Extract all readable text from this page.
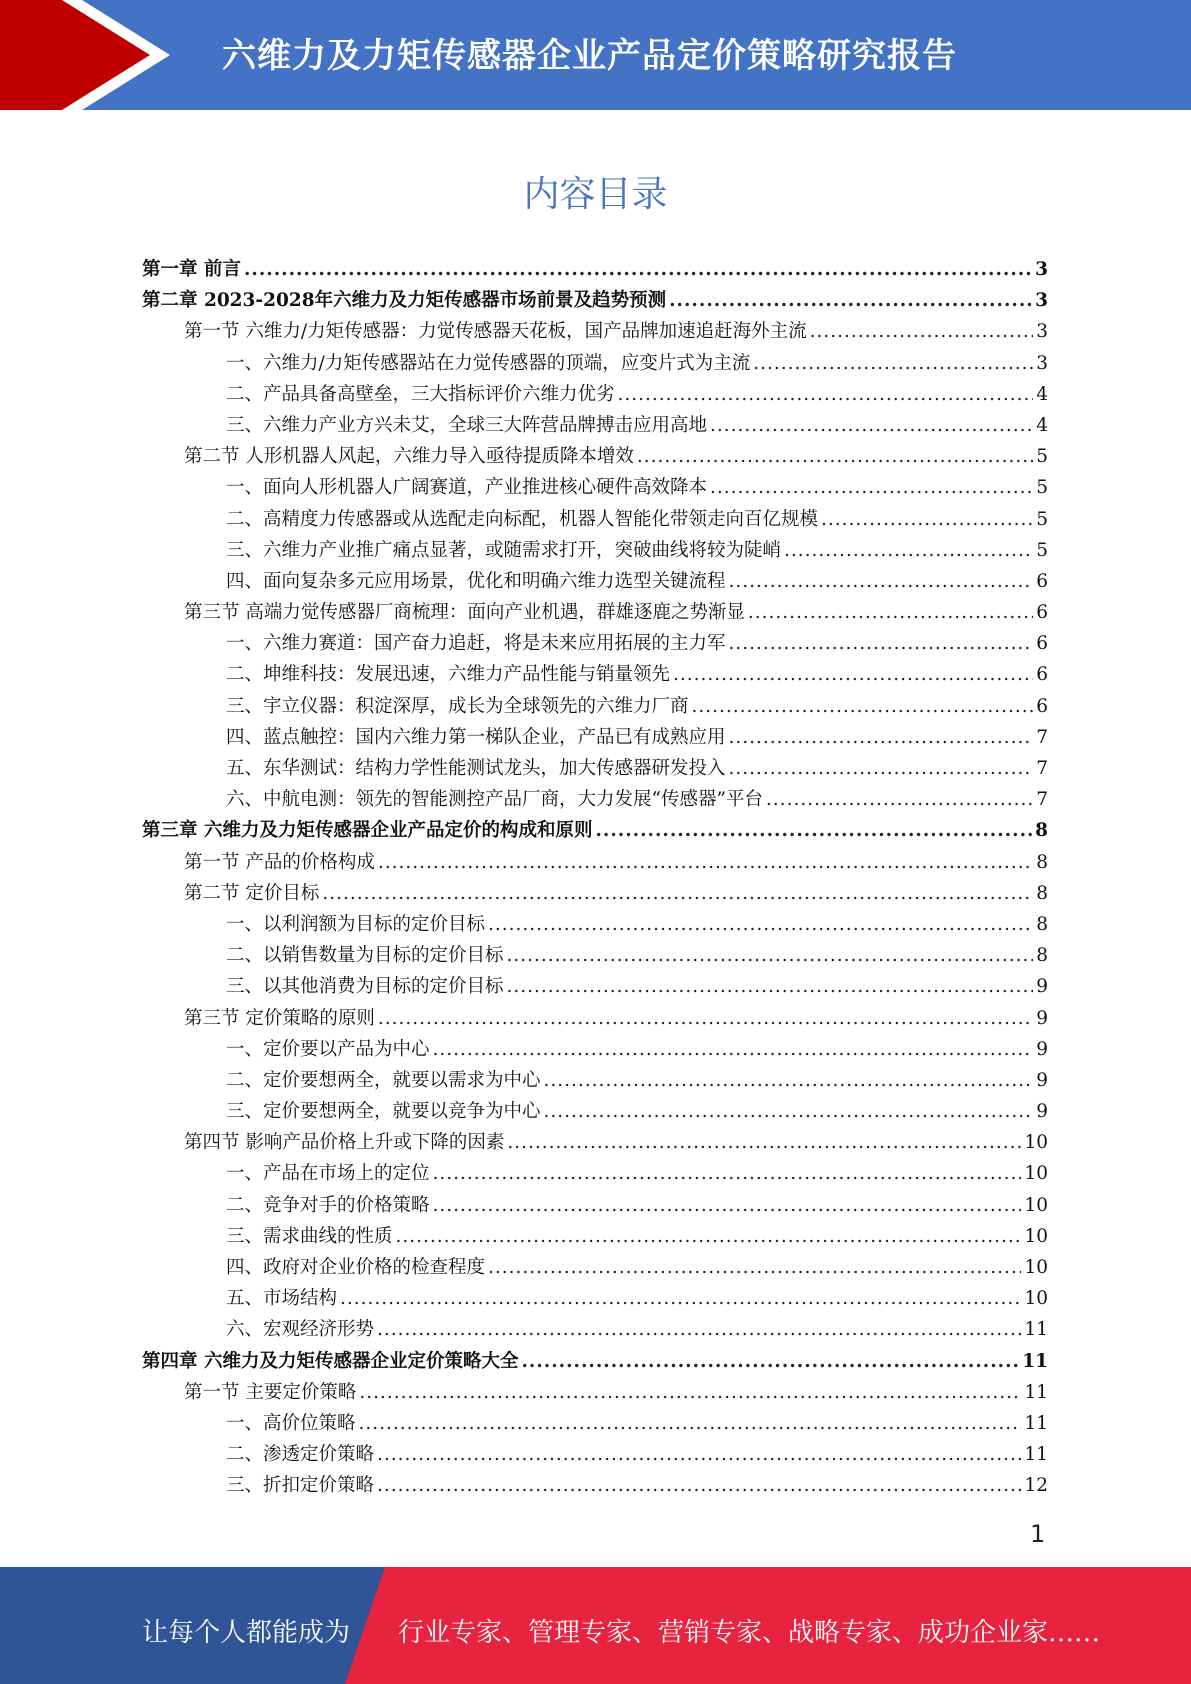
六维力及力矩传感器企业产品定价策略研究报告
内容目录
第一章 前言 .....	3
第二章 2023-2028年六维力及力矩传感器市场前景及趋势预测 .....	3
第一节 六维力/力矩传感器：力觉传感器天花板，国产品牌加速追赶海外主流 .....	3
一、六维力/力矩传感器站在力觉传感器的顶端，应变片式为主流 .....	3
二、产品具备高壁垒，三大指标评价六维力优劣 .....	4
三、六维力产业方兴未艾，全球三大阵营品牌搏击应用高地 .....	4
第二节 人形机器人风起，六维力导入亟待提质降本增效 .....	5
一、面向人形机器人广阔赛道，产业推进核心硬件高效降本 .....	5
二、高精度力传感器或从选配走向标配，机器人智能化带领走向百亿规模 .....	5
三、六维力产业推广痛点显著，或随需求打开，突破曲线将较为陡峭 .....	5
四、面向复杂多元应用场景，优化和明确六维力选型关键流程 .....	6
第三节 高端力觉传感器厂商梳理：面向产业机遇，群雄逐鹿之势渐显 .....	6
一、六维力赛道：国产奋力追赶，将是未来应用拓展的主力军 .....	6
二、坤维科技：发展迅速，六维力产品性能与销量领先 .....	6
三、宇立仪器：积淀深厚，成长为全球领先的六维力厂商 .....	6
四、蓝点触控：国内六维力第一梯队企业，产品已有成熟应用 .....	7
五、东华测试：结构力学性能测试龙头，加大传感器研发投入 .....	7
六、中航电测：领先的智能测控产品厂商，大力发展“传感器”平台 .....	7
第三章 六维力及力矩传感器企业产品定价的构成和原则 .....	8
第一节 产品的价格构成 .....	8
第二节 定价目标 .....	8
一、以利润额为目标的定价目标 .....	8
二、以销售数量为目标的定价目标 .....	8
三、以其他消费为目标的定价目标 .....	9
第三节 定价策略的原则 .....	9
一、定价要以产品为中心 .....	9
二、定价要想两全，就要以需求为中心 .....	9
三、定价要想两全，就要以竞争为中心 .....	9
第四节 影响产品价格上升或下降的因素 .....	10
一、产品在市场上的定位 .....	10
二、竞争对手的价格策略 .....	10
三、需求曲线的性质 .....	10
四、政府对企业价格的检查程度 .....	10
五、市场结构 .....	10
六、宏观经济形势 .....	11
第四章 六维力及力矩传感器企业定价策略大全 .....	11
第一节 主要定价策略 .....	11
一、高价位策略 .....	11
二、渗透定价策略 .....	11
三、折扣定价策略 .....	12
1
让每个人都能成为 行业专家、管理专家、营销专家、战略专家、成功企业家……
